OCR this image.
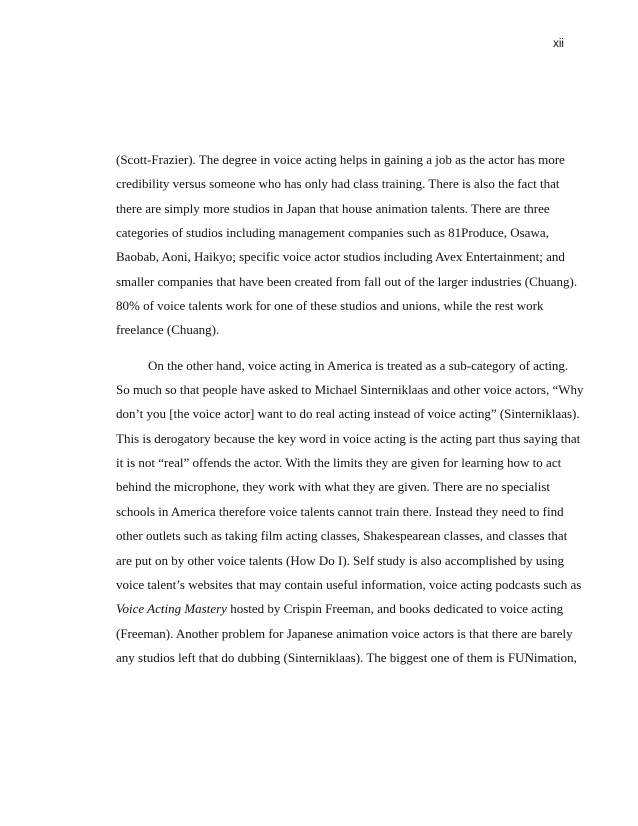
xii
(Scott-Frazier). The degree in voice acting helps in gaining a job as the actor has more
credibility versus someone who has only had class training. There is also the fact that
there are simply more studios in Japan that house animation talents. There are three
categories of studios including management companies such as 81Produce, Osawa,
Baobab, Aoni, Haikyo; specific voice actor studios including Avex Entertainment; and
smaller companies that have been created from fall out of the larger industries (Chuang).
80% of voice talents work for one of these studios and unions, while the rest work
freelance (Chuang).
On the other hand, voice acting in America is treated as a sub-category of acting.
So much so that people have asked to Michael Sinterniklaas and other voice actors, “Why
don’t you [the voice actor] want to do real acting instead of voice acting” (Sinterniklaas).
This is derogatory because the key word in voice acting is the acting part thus saying that
it is not “real” offends the actor. With the limits they are given for learning how to act
behind the microphone, they work with what they are given. There are no specialist
schools in America therefore voice talents cannot train there. Instead they need to find
other outlets such as taking film acting classes, Shakespearean classes, and classes that
are put on by other voice talents (How Do I). Self study is also accomplished by using
voice talent’s websites that may contain useful information, voice acting podcasts such as
Voice Acting Mastery hosted by Crispin Freeman, and books dedicated to voice acting
(Freeman). Another problem for Japanese animation voice actors is that there are barely
any studios left that do dubbing (Sinterniklaas). The biggest one of them is FUNimation,
